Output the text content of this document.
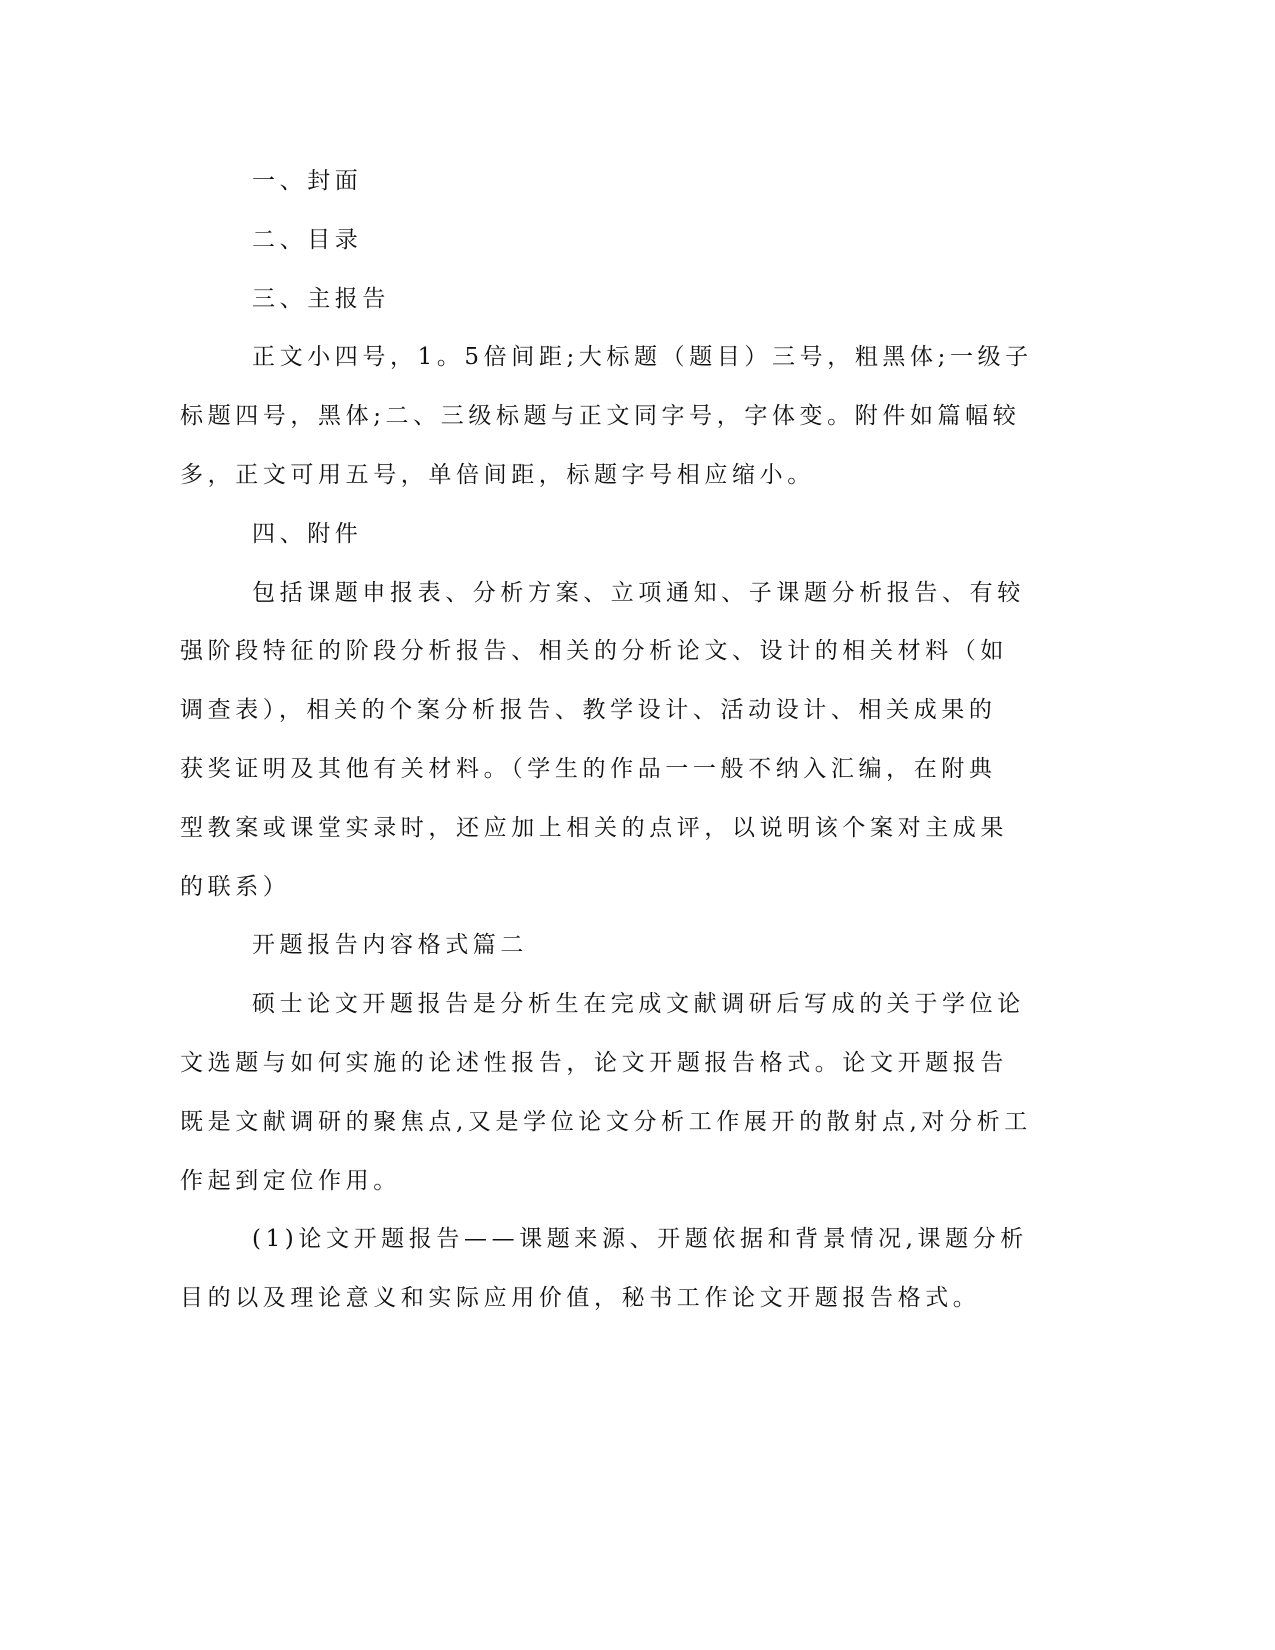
一、封面
二、目录
三、主报告
正文小四号，1。5倍间距;大标题（题目）三号，粗黑体;一级子
标题四号，黑体;二、三级标题与正文同字号，字体变。附件如篇幅较
多，正文可用五号，单倍间距，标题字号相应缩小。
四、附件
包括课题申报表、分析方案、立项通知、子课题分析报告、有较
强阶段特征的阶段分析报告、相关的分析论文、设计的相关材料（如
调查表），相关的个案分析报告、教学设计、活动设计、相关成果的
获奖证明及其他有关材料。（学生的作品一一般不纳入汇编，在附典
型教案或课堂实录时，还应加上相关的点评，以说明该个案对主成果
的联系）
开题报告内容格式篇二
硕士论文开题报告是分析生在完成文献调研后写成的关于学位论
文选题与如何实施的论述性报告，论文开题报告格式。论文开题报告
既是文献调研的聚焦点,又是学位论文分析工作展开的散射点,对分析工
作起到定位作用。
(1)论文开题报告——课题来源、开题依据和背景情况,课题分析
目的以及理论意义和实际应用价值，秘书工作论文开题报告格式。
